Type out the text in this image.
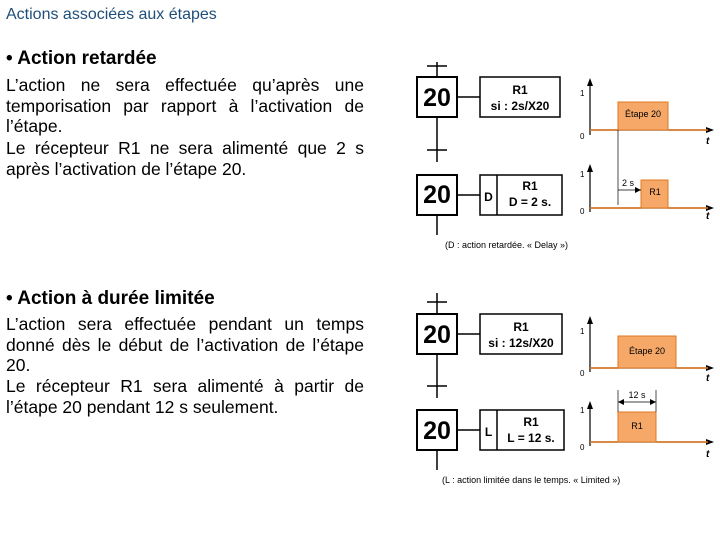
Actions associées aux étapes
• Action retardée
L’action ne sera effectuée qu’après une temporisation par rapport à l’activation de l’étape.
Le récepteur R1 ne sera alimenté que 2 s après l’activation de l’étape 20.
• Action à durée limitée
L’action sera effectuée pendant un temps donné dès le début de l’activation de l’étape 20.
Le récepteur R1 sera alimenté à partir de l’étape 20 pendant 12 s seulement.
20	R1
si : 2s/X20
20	D
R1
D = 2 s.
1
0	t
Étape 20
1
0	t
R1
2 s
(D : action retardée. « Delay »)
20	R1
si : 12s/X20
20	L
R1
L = 12 s.
1
0	t
Étape 20
1
0
t
R1
12 s
(L : action limitée dans le temps. « Limited »)
